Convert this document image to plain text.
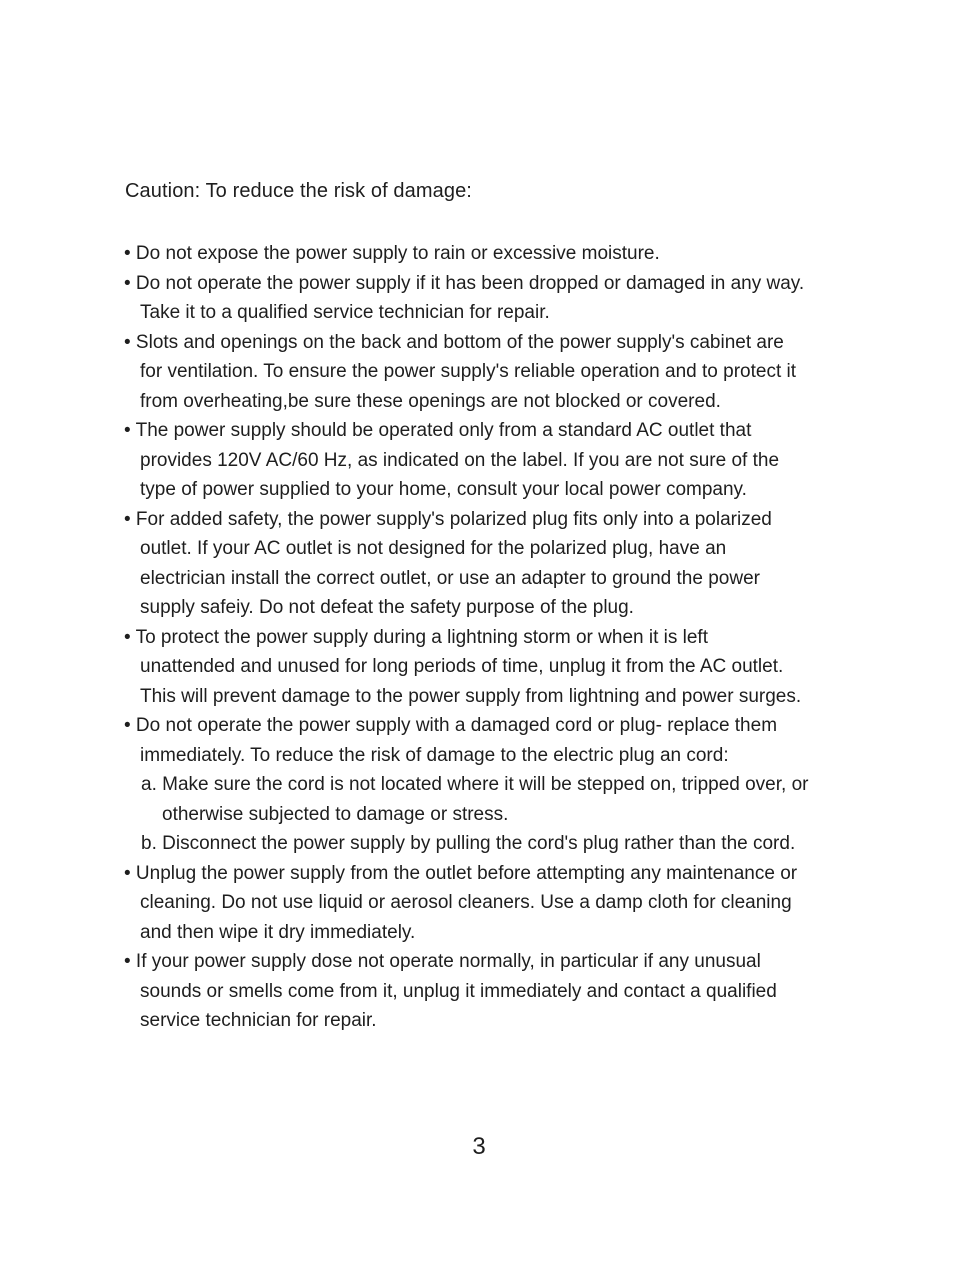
Caution: To reduce the risk of damage:
• Do not expose the power supply to rain or excessive moisture.
• Do not operate the power supply if it has been dropped or damaged in any way.
Take it to a qualified service technician for repair.
• Slots and openings on the back and bottom of the power supply's cabinet are
for ventilation. To ensure the power supply's reliable operation and to protect it
from overheating,be sure these openings are not blocked or covered.
• The power supply should be operated only from a standard AC outlet that
provides 120V AC/60 Hz, as indicated on the label. If you are not sure of the
type of power supplied to your home, consult your local power company.
• For added safety, the power supply's polarized plug fits only into a polarized
outlet. If your AC outlet is not designed for the polarized plug, have an
electrician install the correct outlet, or use an adapter to ground the power
supply safeiy. Do not defeat the safety purpose of the plug.
• To protect the power supply during a lightning storm or when it is left
unattended and unused for long periods of time, unplug it from the AC outlet.
This will prevent damage to the power supply from lightning and power surges.
• Do not operate the power supply with a damaged cord or plug- replace them
immediately. To reduce the risk of damage to the electric plug an cord:
a. Make sure the cord is not located where it will be stepped on, tripped over, or
otherwise subjected to damage or stress.
b. Disconnect the power supply by pulling the cord's plug rather than the cord.
• Unplug the power supply from the outlet before attempting any maintenance or
cleaning. Do not use liquid or aerosol cleaners. Use a damp cloth for cleaning
and then wipe it dry immediately.
• If your power supply dose not operate normally, in particular if any unusual
sounds or smells come from it, unplug it immediately and contact a qualified
service technician for repair.
3
